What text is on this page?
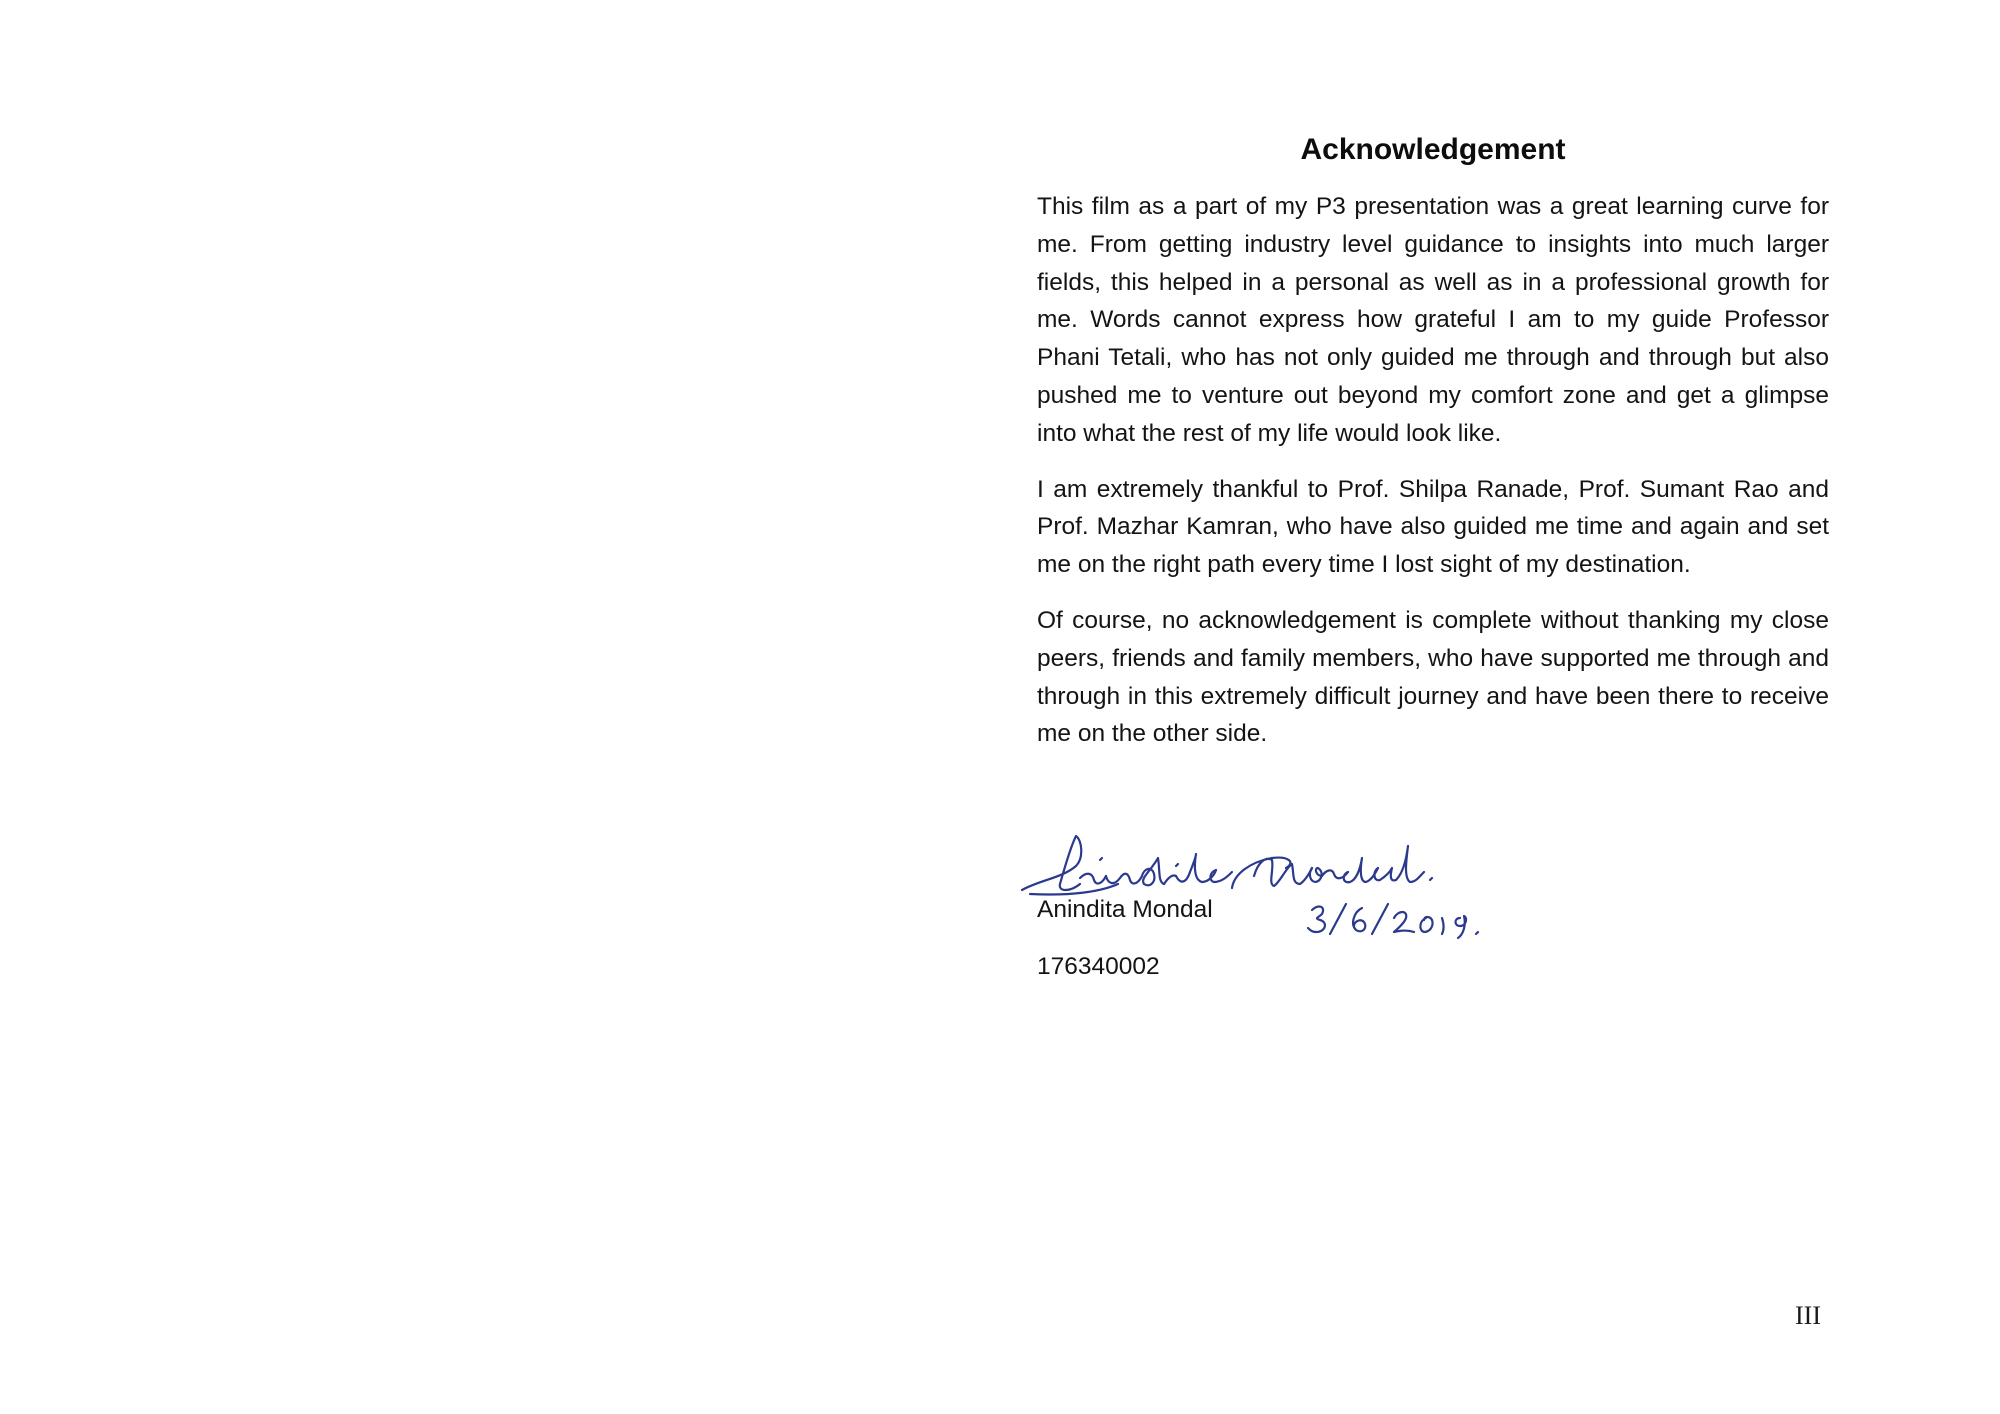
Acknowledgement

This film as a part of my P3 presentation was a great learning curve for me. From getting industry level guidance to insights into much larger fields, this helped in a personal as well as in a professional growth for me. Words cannot express how grateful I am to my guide Professor Phani Tetali, who has not only guided me through and through but also pushed me to venture out beyond my comfort zone and get a glimpse into what the rest of my life would look like.

I am extremely thankful to Prof. Shilpa Ranade, Prof. Sumant Rao and Prof. Mazhar Kamran, who have also guided me time and again and set me on the right path every time I lost sight of my destination.

Of course, no acknowledgement is complete without thanking my close peers, friends and family members, who have supported me through and through in this extremely difficult journey and have been there to receive me on the other side.

Anindita Mondal
176340002
III
